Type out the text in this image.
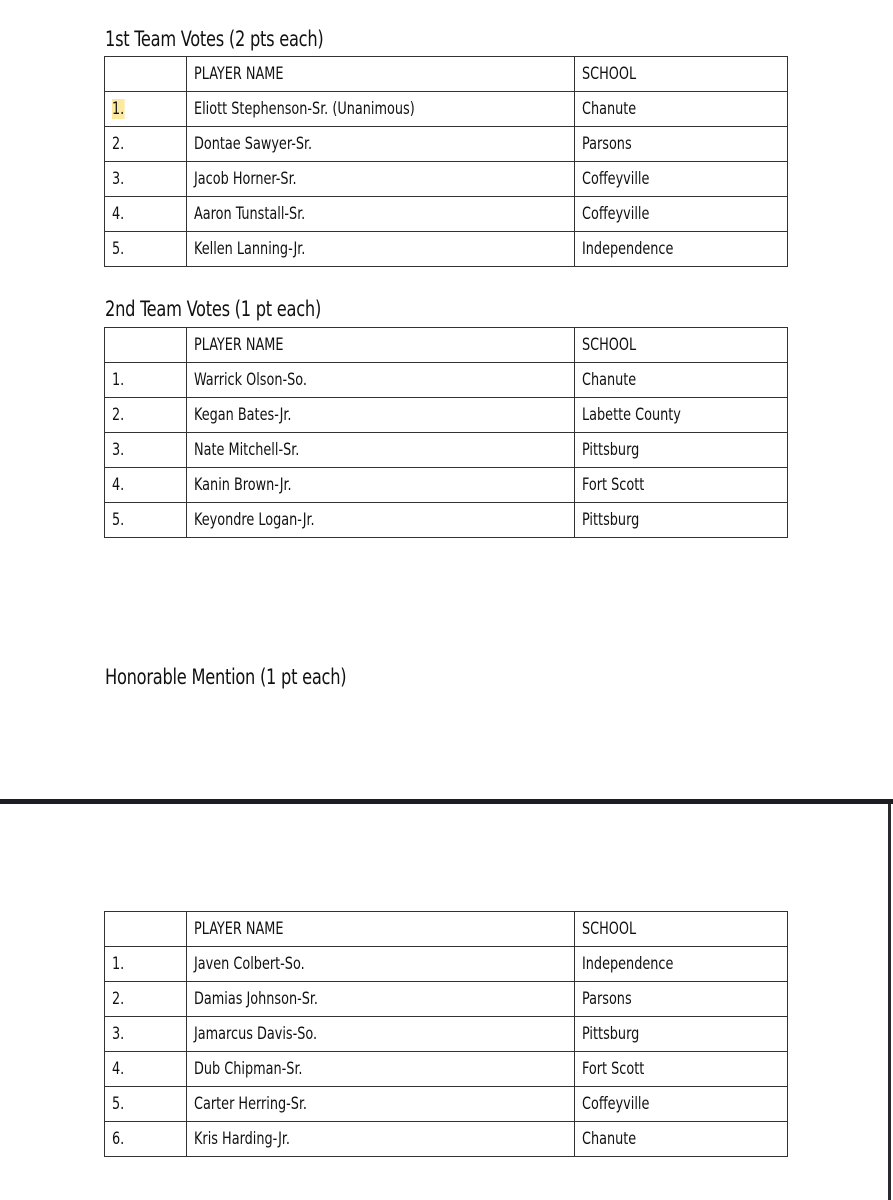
1st Team Votes (2 pts each)
	PLAYER NAME	SCHOOL
1.	Eliott Stephenson-Sr. (Unanimous)	Chanute
2.	Dontae Sawyer-Sr.	Parsons
3.	Jacob Horner-Sr.	Coffeyville
4.	Aaron Tunstall-Sr.	Coffeyville
5.	Kellen Lanning-Jr.	Independence
2nd Team Votes (1 pt each)
	PLAYER NAME	SCHOOL
1.	Warrick Olson-So.	Chanute
2.	Kegan Bates-Jr.	Labette County
3.	Nate Mitchell-Sr.	Pittsburg
4.	Kanin Brown-Jr.	Fort Scott
5.	Keyondre Logan-Jr.	Pittsburg
Honorable Mention (1 pt each)
	PLAYER NAME	SCHOOL
1.	Javen Colbert-So.	Independence
2.	Damias Johnson-Sr.	Parsons
3.	Jamarcus Davis-So.	Pittsburg
4.	Dub Chipman-Sr.	Fort Scott
5.	Carter Herring-Sr.	Coffeyville
6.	Kris Harding-Jr.	Chanute
